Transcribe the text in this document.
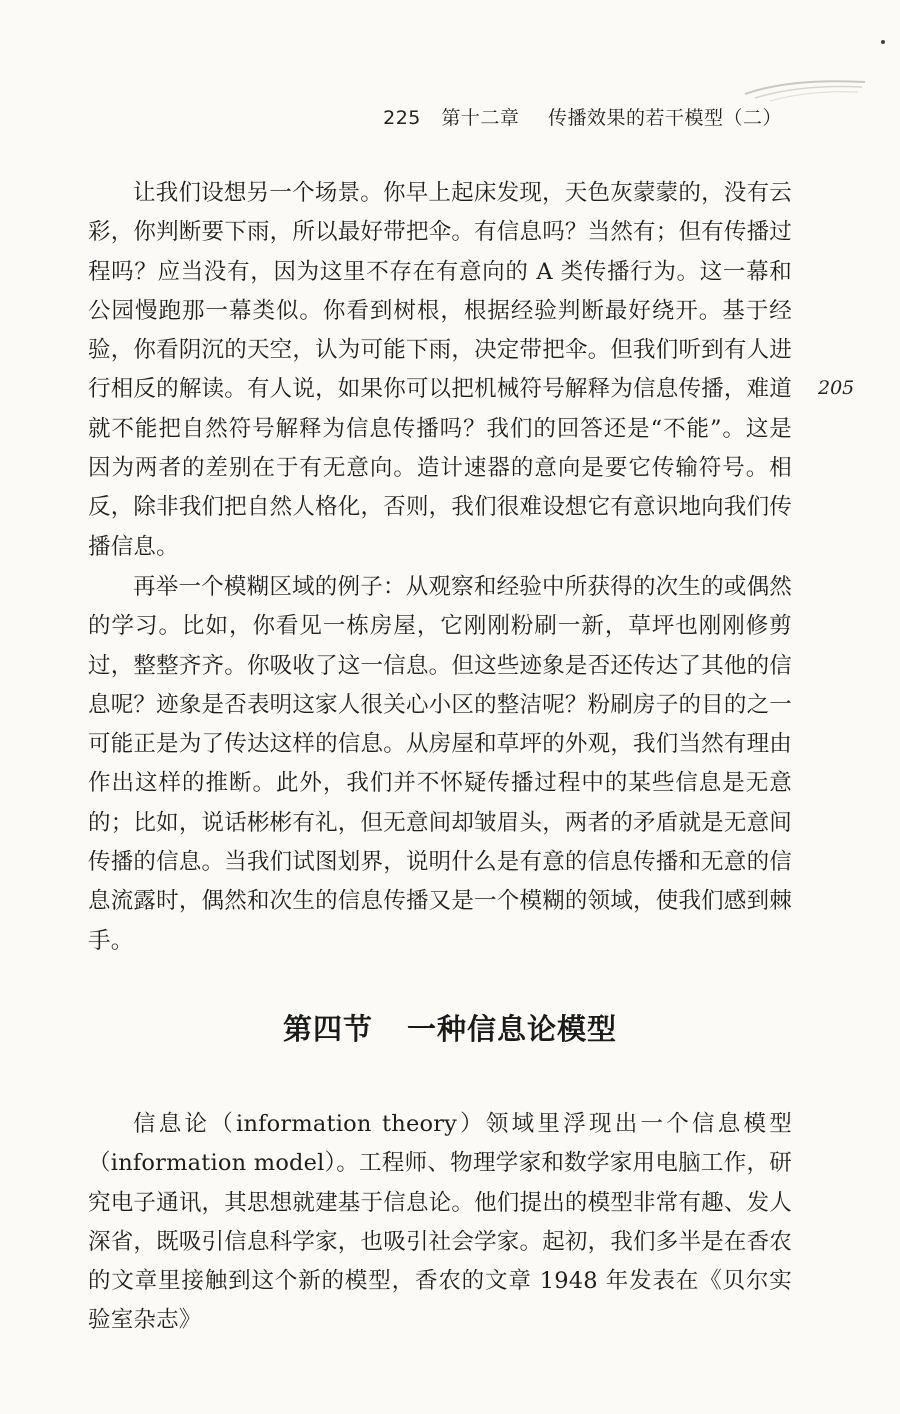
225 第十二章 传播效果的若干模型（二）
205

让我们设想另一个场景。你早上起床发现，天色灰蒙蒙的，没有云彩，你判断要下雨，所以最好带把伞。有信息吗？当然有；但有传播过程吗？应当没有，因为这里不存在有意向的 A 类传播行为。这一幕和公园慢跑那一幕类似。你看到树根，根据经验判断最好绕开。基于经验，你看阴沉的天空，认为可能下雨，决定带把伞。但我们听到有人进行相反的解读。有人说，如果你可以把机械符号解释为信息传播，难道就不能把自然符号解释为信息传播吗？我们的回答还是“不能”。这是因为两者的差别在于有无意向。造计速器的意向是要它传输符号。相反，除非我们把自然人格化，否则，我们很难设想它有意识地向我们传播信息。

再举一个模糊区域的例子：从观察和经验中所获得的次生的或偶然的学习。比如，你看见一栋房屋，它刚刚粉刷一新，草坪也刚刚修剪过，整整齐齐。你吸收了这一信息。但这些迹象是否还传达了其他的信息呢？迹象是否表明这家人很关心小区的整洁呢？粉刷房子的目的之一可能正是为了传达这样的信息。从房屋和草坪的外观，我们当然有理由作出这样的推断。此外，我们并不怀疑传播过程中的某些信息是无意的；比如，说话彬彬有礼，但无意间却皱眉头，两者的矛盾就是无意间传播的信息。当我们试图划界，说明什么是有意的信息传播和无意的信息流露时，偶然和次生的信息传播又是一个模糊的领域，使我们感到棘手。

第四节 一种信息论模型

信息论（information theory）领域里浮现出一个信息模型（information model）。工程师、物理学家和数学家用电脑工作，研究电子通讯，其思想就建基于信息论。他们提出的模型非常有趣、发人深省，既吸引信息科学家，也吸引社会学家。起初，我们多半是在香农的文章里接触到这个新的模型，香农的文章 1948 年发表在《贝尔实验室杂志》
